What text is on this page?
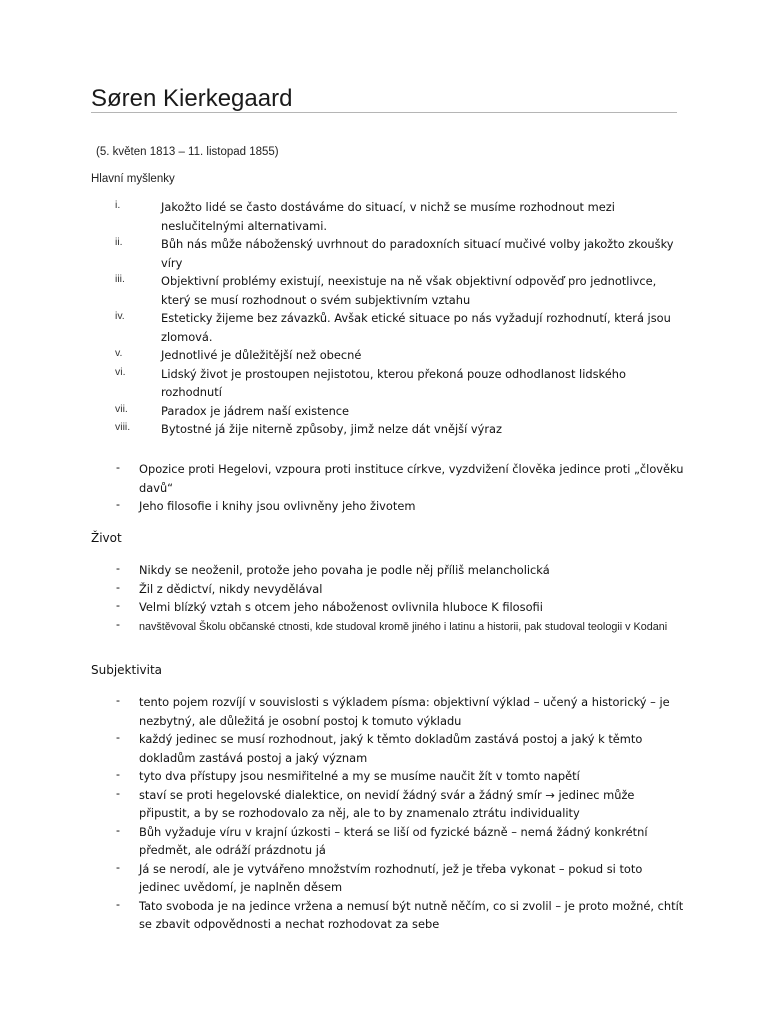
Søren Kierkegaard
(5. květen 1813 – 11. listopad 1855)
Hlavní myšlenky
i.	Jakožto lidé se často dostáváme do situací, v nichž se musíme rozhodnout mezi neslučitelnými alternativami.
ii.	Bůh nás může náboženský uvrhnout do paradoxních situací mučivé volby jakožto zkoušky víry
iii.	Objektivní problémy existují, neexistuje na ně však objektivní odpověď pro jednotlivce, který se musí rozhodnout o svém subjektivním vztahu
iv.	Esteticky žijeme bez závazků. Avšak etické situace po nás vyžadují rozhodnutí, která jsou zlomová.
v.	Jednotlivé je důležitější než obecné
vi.	Lidský život je prostoupen nejistotou, kterou překoná pouze odhodlanost lidského rozhodnutí
vii.	Paradox je jádrem naší existence
viii.	Bytostné já žije niterně způsoby, jimž nelze dát vnější výraz
- Opozice proti Hegelovi, vzpoura proti instituce církve, vyzdvižení člověka jedince proti „člověku davů“
- Jeho filosofie i knihy jsou ovlivněny jeho životem
Život
- Nikdy se neoženil, protože jeho povaha je podle něj příliš melancholická
- Žil z dědictví, nikdy nevydělával
- Velmi blízký vztah s otcem jeho náboženost ovlivnila hluboce K filosofii
- navštěvoval Školu občanské ctnosti, kde studoval kromě jiného i latinu a historii, pak studoval teologii v Kodani
Subjektivita
- tento pojem rozvíjí v souvislosti s výkladem písma: objektivní výklad – učený a historický – je nezbytný, ale důležitá je osobní postoj k tomuto výkladu
- každý jedinec se musí rozhodnout, jaký k těmto dokladům zastává postoj a jaký k těmto dokladům zastává postoj a jaký význam
- tyto dva přístupy jsou nesmiřitelné a my se musíme naučit žít v tomto napětí
- staví se proti hegelovské dialektice, on nevidí žádný svár a žádný smír → jedinec může připustit, a by se rozhodovalo za něj, ale to by znamenalo ztrátu individuality
- Bůh vyžaduje víru v krajní úzkosti – která se liší od fyzické bázně – nemá žádný konkrétní předmět, ale odráží prázdnotu já
- Já se nerodí, ale je vytvářeno množstvím rozhodnutí, jež je třeba vykonat – pokud si toto jedinec uvědomí, je naplněn děsem
- Tato svoboda je na jedince vržena a nemusí být nutně něčím, co si zvolil – je proto možné, chtít se zbavit odpovědnosti a nechat rozhodovat za sebe
